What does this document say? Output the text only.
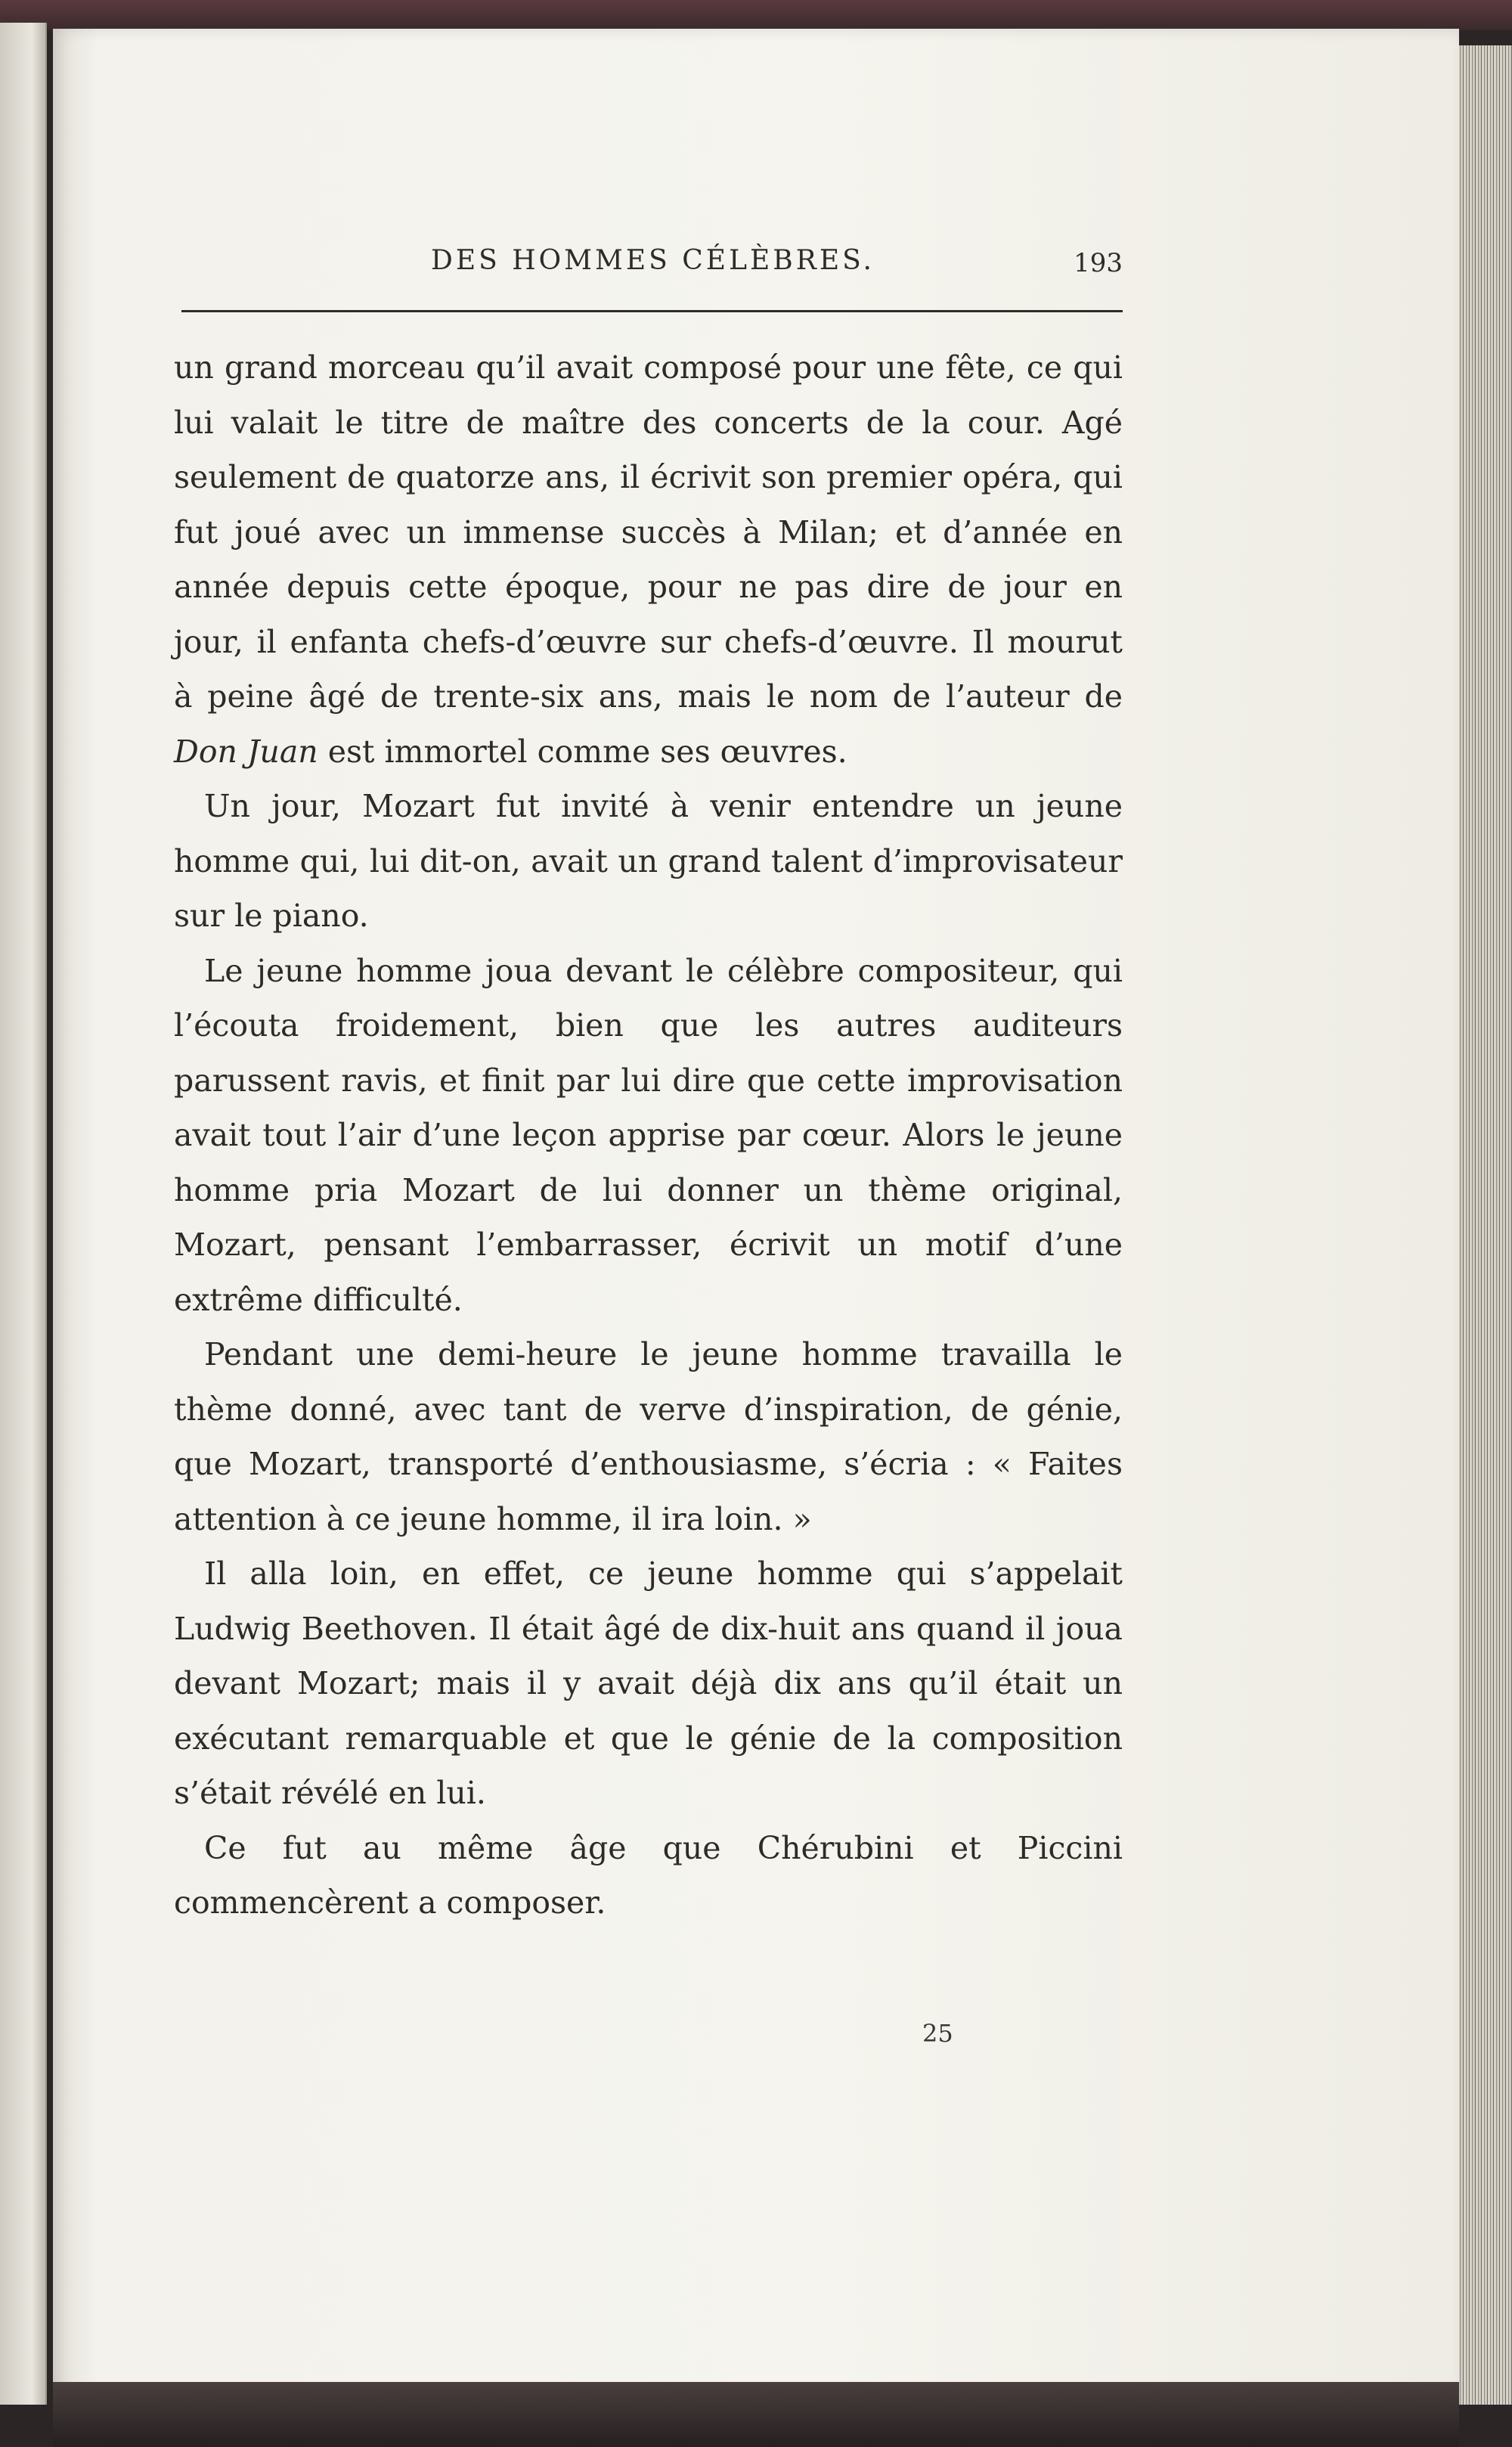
DES HOMMES CÉLÈBRES.	193

un grand morceau qu’il avait composé pour une fête, ce qui lui valait le titre de maître des concerts de la cour. Agé seulement de quatorze ans, il écrivit son premier opéra, qui fut joué avec un immense succès à Milan; et d’année en année depuis cette époque, pour ne pas dire de jour en jour, il enfanta chefs-d’œuvre sur chefs-d’œuvre. Il mourut à peine âgé de trente-six ans, mais le nom de l’auteur de Don Juan est immortel comme ses œuvres.

Un jour, Mozart fut invité à venir entendre un jeune homme qui, lui dit-on, avait un grand talent d’improvisateur sur le piano.

Le jeune homme joua devant le célèbre compositeur, qui l’écouta froidement, bien que les autres auditeurs parussent ravis, et finit par lui dire que cette improvisation avait tout l’air d’une leçon apprise par cœur. Alors le jeune homme pria Mozart de lui donner un thème original, Mozart, pensant l’embarrasser, écrivit un motif d’une extrême difficulté.

Pendant une demi-heure le jeune homme travailla le thème donné, avec tant de verve d’inspiration, de génie, que Mozart, transporté d’enthousiasme, s’écria : « Faites attention à ce jeune homme, il ira loin. »

Il alla loin, en effet, ce jeune homme qui s’appelait Ludwig Beethoven. Il était âgé de dix-huit ans quand il joua devant Mozart; mais il y avait déjà dix ans qu’il était un exécutant remarquable et que le génie de la composition s’était révélé en lui.

Ce fut au même âge que Chérubini et Piccini commencèrent a composer.

25
